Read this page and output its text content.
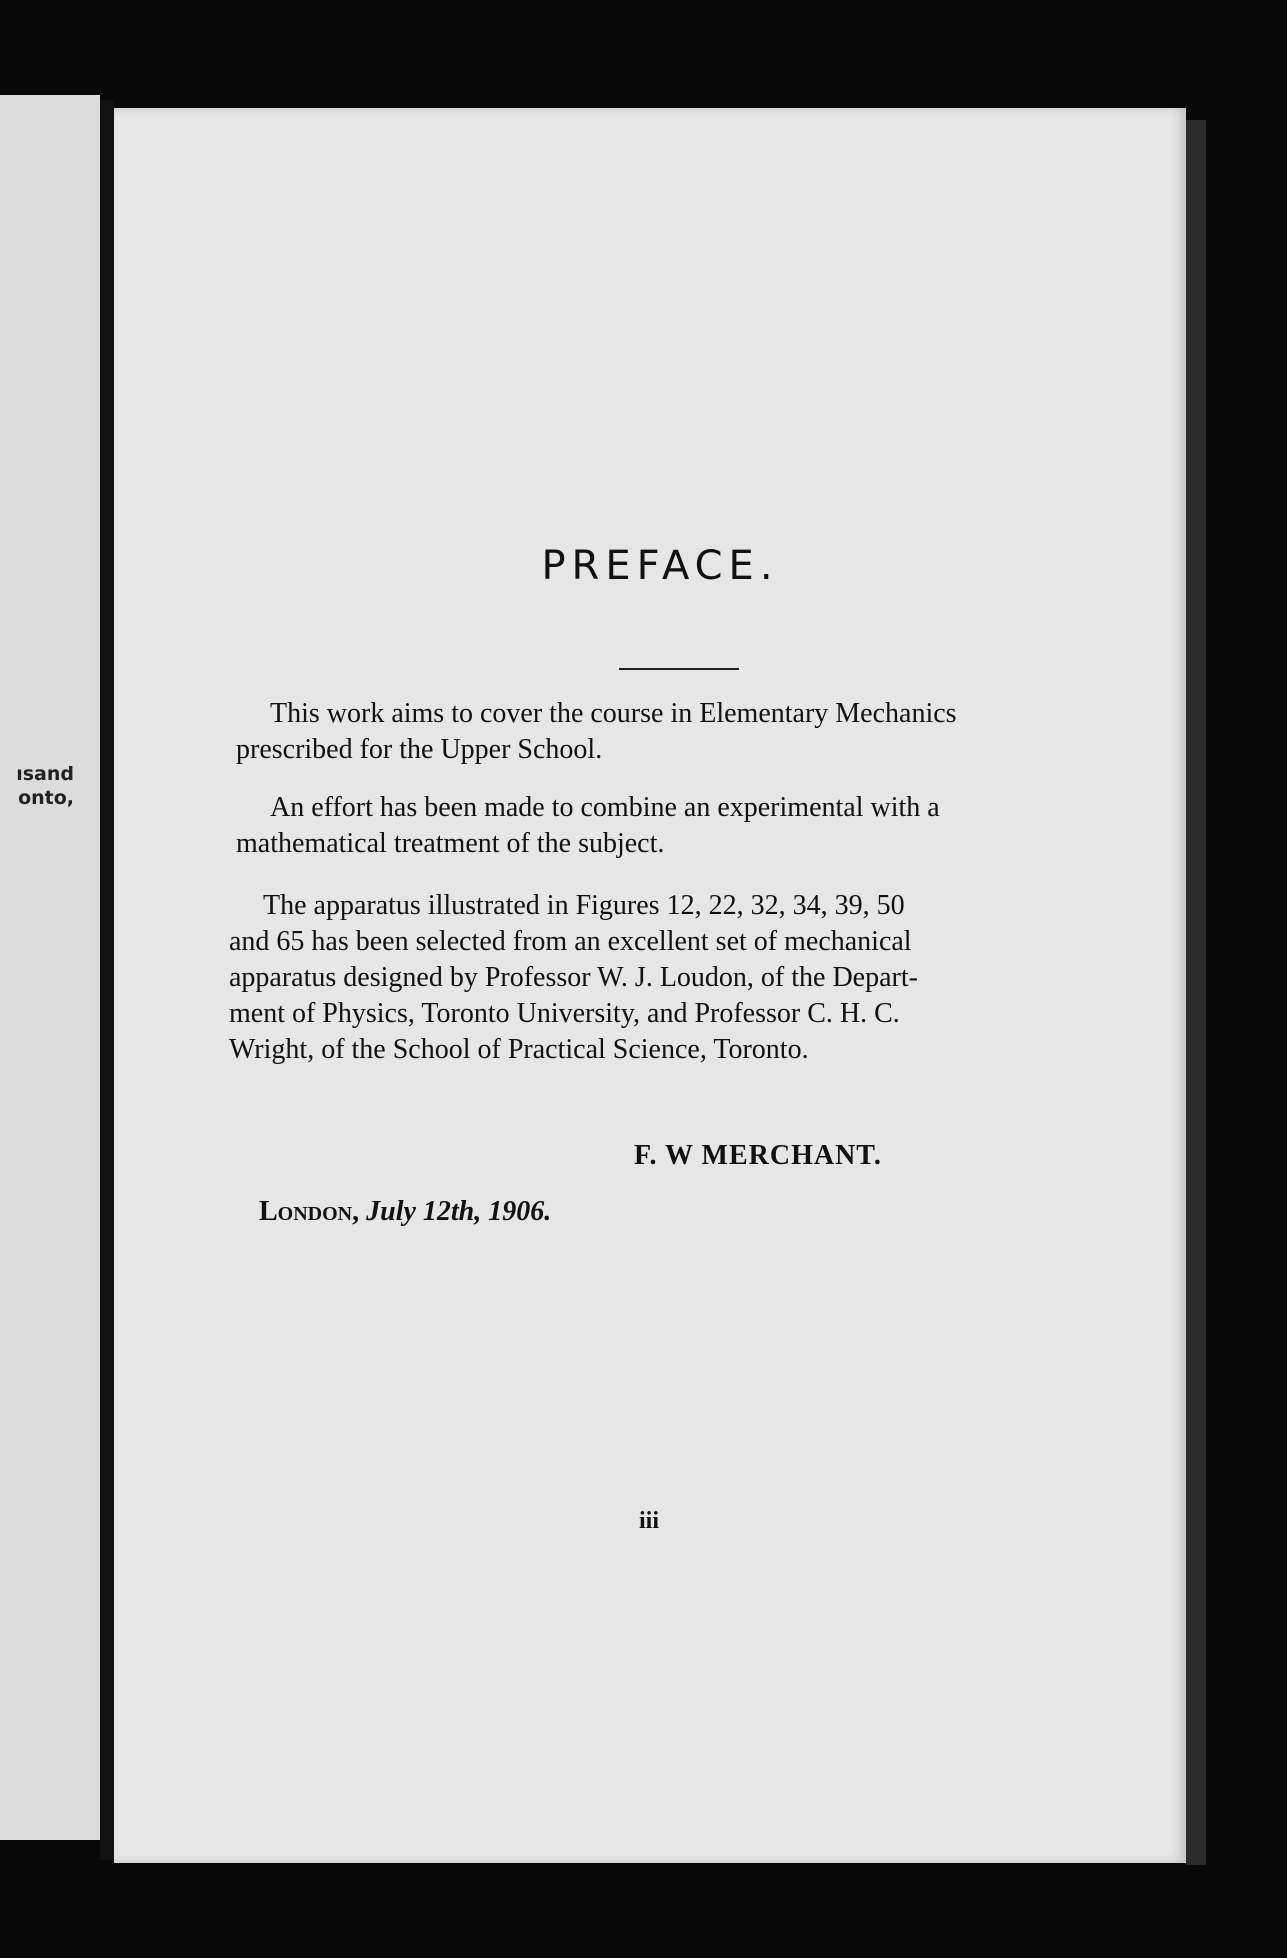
ısand
onto,
PREFACE.
This work aims to cover the course in Elementary Mechanics
prescribed for the Upper School.
An effort has been made to combine an experimental with a
mathematical treatment of the subject.
The apparatus illustrated in Figures 12, 22, 32, 34, 39, 50
and 65 has been selected from an excellent set of mechanical
apparatus designed by Professor W. J. Loudon, of the Depart-
ment of Physics, Toronto University, and Professor C. H. C.
Wright, of the School of Practical Science, Toronto.
F. W MERCHANT.
London, July 12th, 1906.
iii
